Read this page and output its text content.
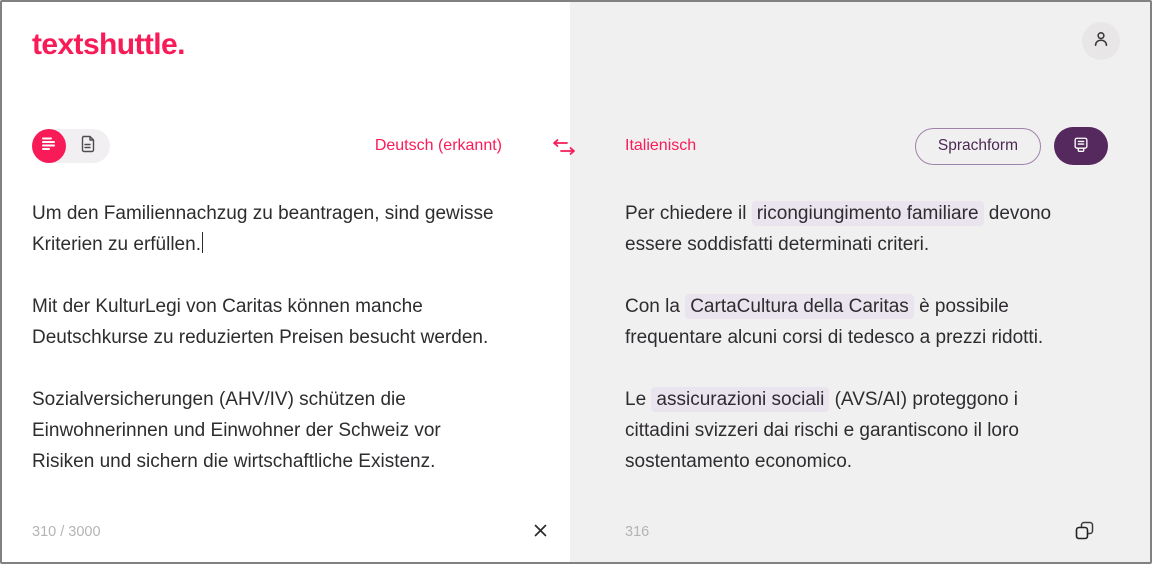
textshuttle.
Deutsch (erkannt)
Um den Familiennachzug zu beantragen, sind gewisse
Kriterien zu erfüllen.
Mit der KulturLegi von Caritas können manche
Deutschkurse zu reduzierten Preisen besucht werden.
Sozialversicherungen (AHV/IV) schützen die
Einwohnerinnen und Einwohner der Schweiz vor
Risiken und sichern die wirtschaftliche Existenz.
310 / 3000
Italienisch	Sprachform
Per chiedere il ricongiungimento familiare devono
essere soddisfatti determinati criteri.
Con la CartaCultura della Caritas è possibile
frequentare alcuni corsi di tedesco a prezzi ridotti.
Le assicurazioni sociali (AVS/AI) proteggono i
cittadini svizzeri dai rischi e garantiscono il loro
sostentamento economico.
316
